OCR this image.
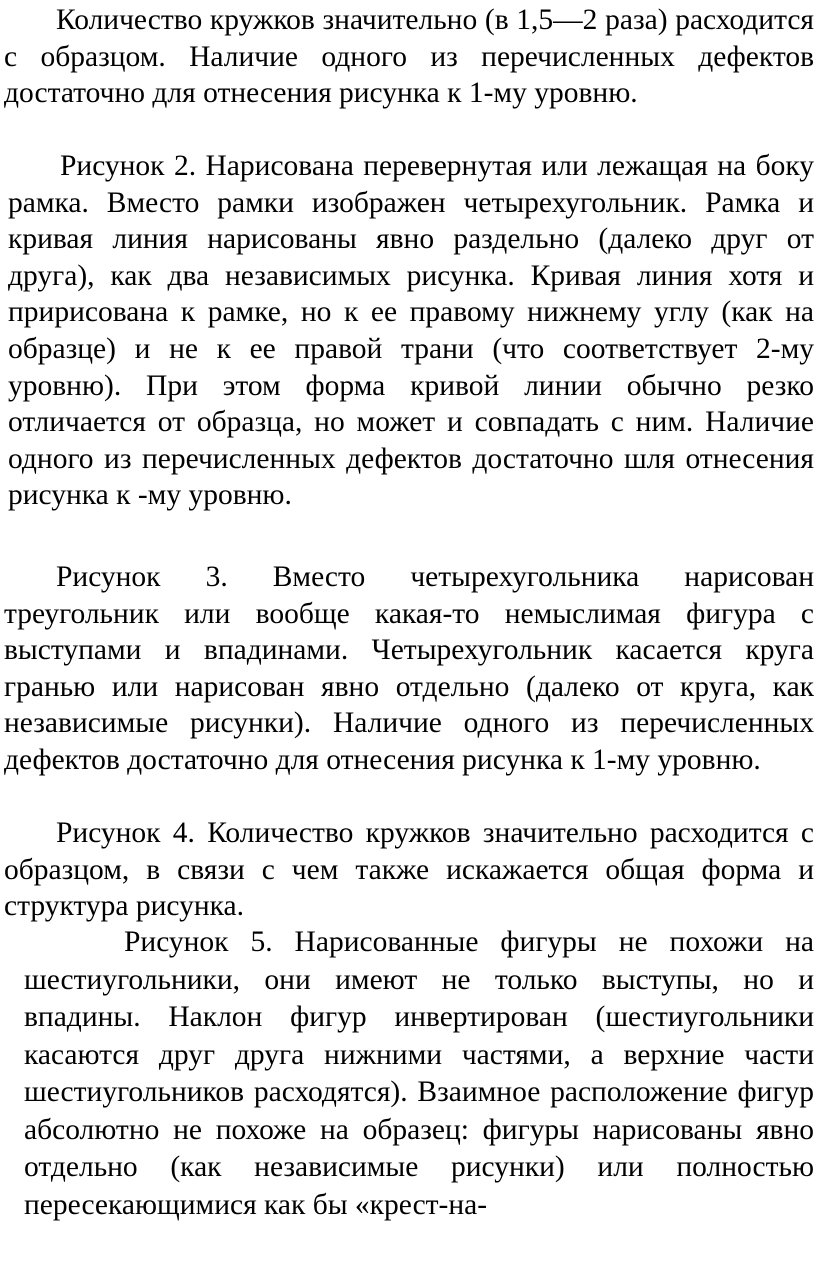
Количество кружков значительно (в 1,5—2 раза) расходится с образцом. Наличие одного из перечисленных дефектов достаточно для отнесения рисунка к 1-му уровню.

Рисунок 2. Нарисована перевернутая или лежащая на боку рамка. Вместо рамки изображен четырехугольник. Рамка и кривая линия нарисованы явно раздельно (далеко друг от друга), как два независимых рисунка. Кривая линия хотя и пририсована к рамке, но к ее правому нижнему углу (как на образце) и не к ее правой трани (что соответствует 2-му уровню). При этом форма кривой линии обычно резко отличается от образца, но может и совпадать с ним. Наличие одного из перечисленных дефектов достаточно шля отнесения рисунка к -му уровню.

Рисунок 3. Вместо четырехугольника нарисован треугольник или вообще какая-то немыслимая фигура с выступами и впадинами. Четырехугольник касается круга гранью или нарисован явно отдельно (далеко от круга, как независимые рисунки). Наличие одного из перечисленных дефектов достаточно для отнесения рисунка к 1-му уровню.

Рисунок 4. Количество кружков значительно расходится с образцом, в связи с чем также искажается общая форма и структура рисунка.

Рисунок 5. Нарисованные фигуры не похожи на шестиугольники, они имеют не только выступы, но и впадины. Наклон фигур инвертирован (шестиугольники касаются друг друга нижними частями, а верхние части шестиугольников расходятся). Взаимное расположение фигур абсолютно не похоже на образец: фигуры нарисованы явно отдельно (как независимые рисунки) или полностью пересекающимися как бы «крест-на-
